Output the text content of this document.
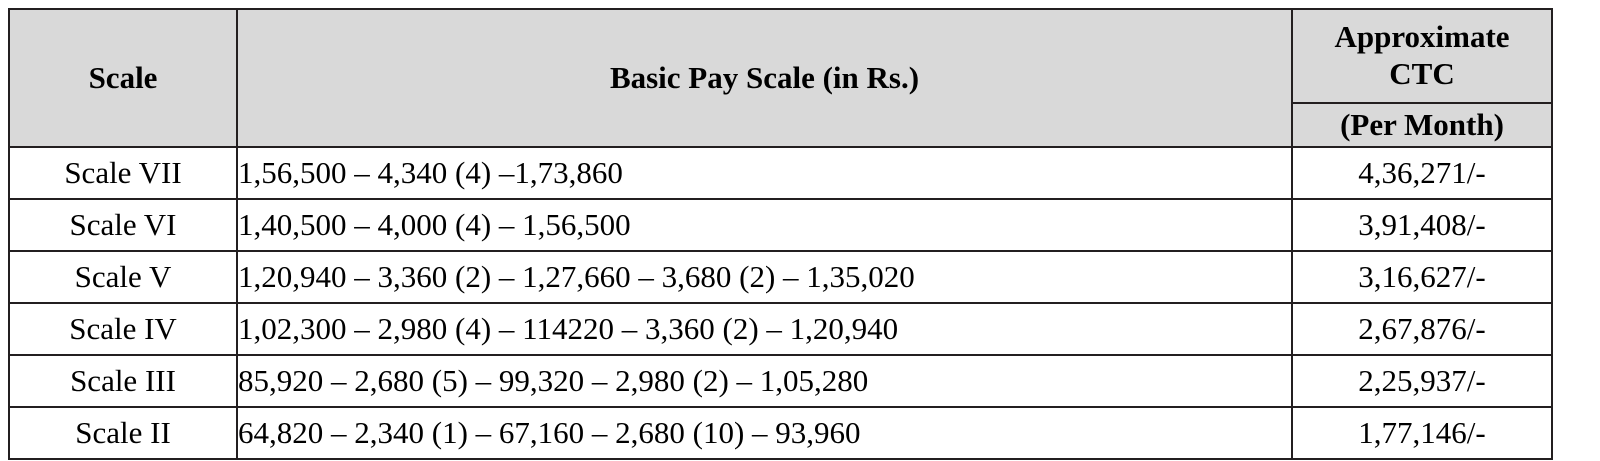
Scale	Basic Pay Scale (in Rs.)	Approximate
CTC

		(Per Month)
Scale VII	1,56,500 – 4,340 (4) –1,73,860	4,36,271/-
Scale VI	1,40,500 – 4,000 (4) – 1,56,500	3,91,408/-
Scale V	1,20,940 – 3,360 (2) – 1,27,660 – 3,680 (2) – 1,35,020	3,16,627/-
Scale IV	1,02,300 – 2,980 (4) – 114220 – 3,360 (2) – 1,20,940	2,67,876/-
Scale III	85,920 – 2,680 (5) – 99,320 – 2,980 (2) – 1,05,280	2,25,937/-
Scale II	64,820 – 2,340 (1) – 67,160 – 2,680 (10) – 93,960	1,77,146/-
